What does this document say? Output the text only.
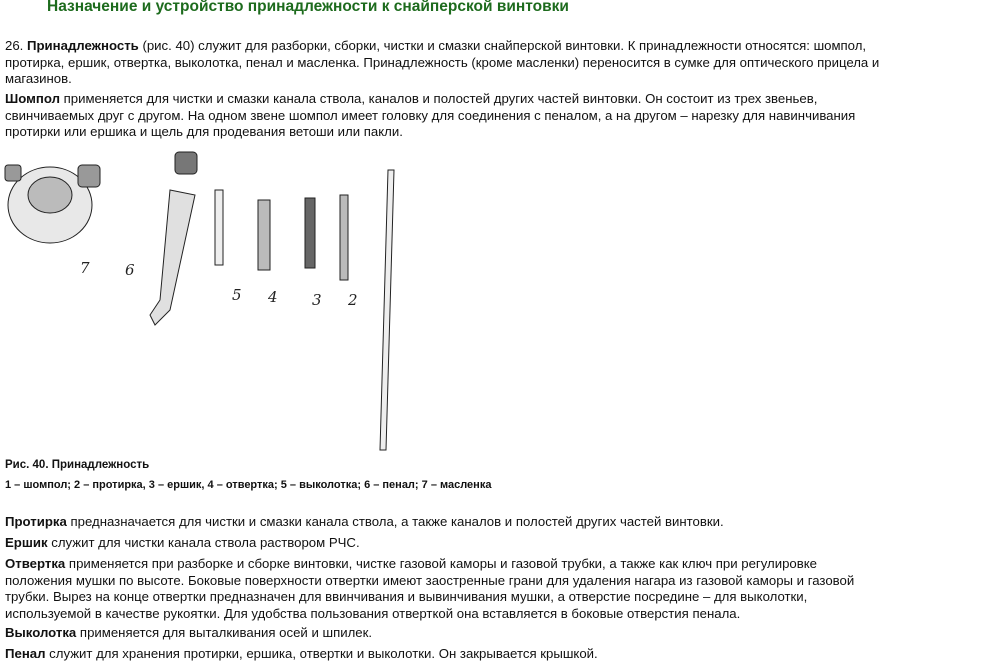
Назначение и устройство принадлежности к снайперской винтовки
26. Принадлежность (рис. 40) служит для разборки, сборки, чистки и смазки снайперской винтовки. К принадлежности относятся: шомпол,
протирка, ершик, отвертка, выколотка, пенал и масленка. Принадлежность (кроме масленки) переносится в сумке для оптического прицела и
магазинов.
Шомпол применяется для чистки и смазки канала ствола, каналов и полостей других частей винтовки. Он состоит из трех звеньев,
свинчиваемых друг с другом. На одном звене шомпол имеет головку для соединения с пеналом, а на другом – нарезку для навинчивания
протирки или ершика и щель для продевания ветоши или пакли.
7 6
5 4 3 2
Рис. 40. Принадлежность
1 – шомпол; 2 – протирка, 3 – ершик, 4 – отвертка; 5 – выколотка; 6 – пенал; 7 – масленка
Протирка предназначается для чистки и смазки канала ствола, а также каналов и полостей других частей винтовки.
Ершик служит для чистки канала ствола раствором РЧС.
Отвертка применяется при разборке и сборке винтовки, чистке газовой каморы и газовой трубки, а также как ключ при регулировке
положения мушки по высоте. Боковые поверхности отвертки имеют заостренные грани для удаления нагара из газовой каморы и газовой
трубки. Вырез на конце отвертки предназначен для ввинчивания и вывинчивания мушки, а отверстие посредине – для выколотки,
используемой в качестве рукоятки. Для удобства пользования отверткой она вставляется в боковые отверстия пенала.
Выколотка применяется для выталкивания осей и шпилек.
Пенал служит для хранения протирки, ершика, отвертки и выколотки. Он закрывается крышкой.
